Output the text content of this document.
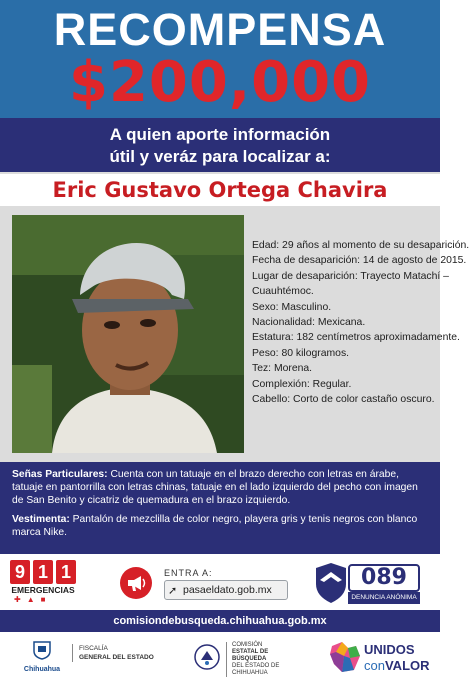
RECOMPENSA
$200,000
A quien aporte información
útil y veráz para localizar a:
Eric Gustavo Ortega Chavira
Edad: 29 años al momento de su desaparición.
Fecha de desaparición: 14 de agosto de 2015.
Lugar de desaparición: Trayecto Matachí –
Cuauhtémoc.
Sexo: Masculino.
Nacionalidad: Mexicana.
Estatura: 182 centímetros aproximadamente.
Peso: 80 kilogramos.
Tez: Morena.
Complexión: Regular.
Cabello: Corto de color castaño oscuro.

Señas Particulares: Cuenta con un tatuaje en el brazo derecho con letras en árabe, tatuaje en pantorrilla con letras chinas, tatuaje en el lado izquierdo del pecho con imagen de San Benito y cicatriz de quemadura en el brazo izquierdo.

Vestimenta: Pantalón de mezclilla de color negro, playera gris y tenis negros con blanco marca Nike.

9 1 1
EMERGENCIAS
✚▲■
ENTRA A:
➚ pasaeldato.gob.mx	089
DENUNCIA ANÓNIMA
comisiondebusqueda.chihuahua.gob.mx
Chihuahua
FISCALÍA
GENERAL DEL ESTADO
COMISIÓN
ESTATAL DE
BÚSQUEDA
DEL ESTADO DE
CHIHUAHUA
UNIDOS
conVALOR
